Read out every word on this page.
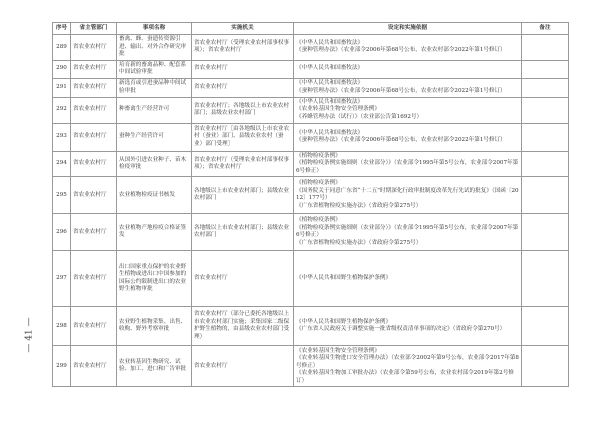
序号	省主管部门	事项名称	实施机关	设定和实施依据	备注
289	省农业农村厅	畜禽、蜂、蚕遗传资源引进、输出、对外合作研究审批	省农业农村厅（受理农业农村部事权事项）；省农业农村厅	《中华人民共和国畜牧法》
《蚕种管理办法》（农业部令2006年第68号公布，农业农村部令2022年第1号修订）	

290	省农业农村厅	培育新的畜禽品种、配套系中间试验审批	省农业农村厅	《中华人民共和国畜牧法》	

291	省农业农村厅	新选育或引进蚕品种中间试验审批	省农业农村厅	《中华人民共和国畜牧法》
《蚕种管理办法》（农业部令2006年第68号公布，农业农村部令2022年第1号修订）	

292	省农业农村厅	种畜禽生产经营许可	省农业农村厅；各地级以上市农业农村部门；县级农业农村部门	《中华人民共和国畜牧法》
《农业转基因生物安全管理条例》
《养蜂管理办法（试行）》（农业部公告第1692号）	

293	省农业农村厅	蚕种生产经营许可	省农业农村厅［由各地级以上市农业农村（蚕业）部门、县级农业农村（蚕业）部门受理］	《中华人民共和国畜牧法》
《蚕种管理办法》（农业部令2006年第68号公布，农业农村部令2022年第1号修订）	

294	省农业农村厅	从国外引进农业种子、苗木检疫审批	省农业农村厅（受理农业农村部事权事项）；省农业农村厅	《植物检疫条例》
《植物检疫条例实施细则（农业部分）》（农业部令1995年第5号公布，农业部令2007年第6号修正）	

295	省农业农村厅	农业植物检疫证书核发	各地级以上市农业农村部门；县级农业农村部门	《植物检疫条例》
《国务院关于同意广东省“十二五”时期深化行政审批制度改革先行先试的批复》（国函〔2012〕177号）
《广东省植物检疫实施办法》（省政府令第275号）	

296	省农业农村厅	农业植物产地检疫合格证签发	各地级以上市农业农村部门；县级农业农村部门	《植物检疫条例》
《植物检疫条例实施细则（农业部分）》（农业部令1995年第5号公布，农业部令2007年第6号修正）
《广东省植物检疫实施办法》（省政府令第275号）	

297	省农业农村厅	出口国家重点保护的农业野生植物或进出口中国参加的国际公约限制进出口的农业野生植物审批	省农业农村厅	《中华人民共和国野生植物保护条例》	

298	省农业农村厅	农业野生植物采集、出售、收购、野外考察审批	省农业农村厅（部分已委托各地级以上市农业农村部门实施；采集国家二级保护野生植物的，由县级农业农村部门受理）	《中华人民共和国野生植物保护条例》
《广东省人民政府关于调整实施一批省级权责清单事项的决定》（省政府令第270号）	

299	省农业农村厅	农业转基因生物研究、试验、加工、进口和广告审批	省农业农村厅	《农业转基因生物安全管理条例》
《农业转基因生物进口安全管理办法》（农业部令2002年第9号公布，农业部令2017年第8号修正）
《农业转基因生物加工审批办法》（农业部令第59号公布，农业农村部令2019年第2号修订）	

— 41 —
